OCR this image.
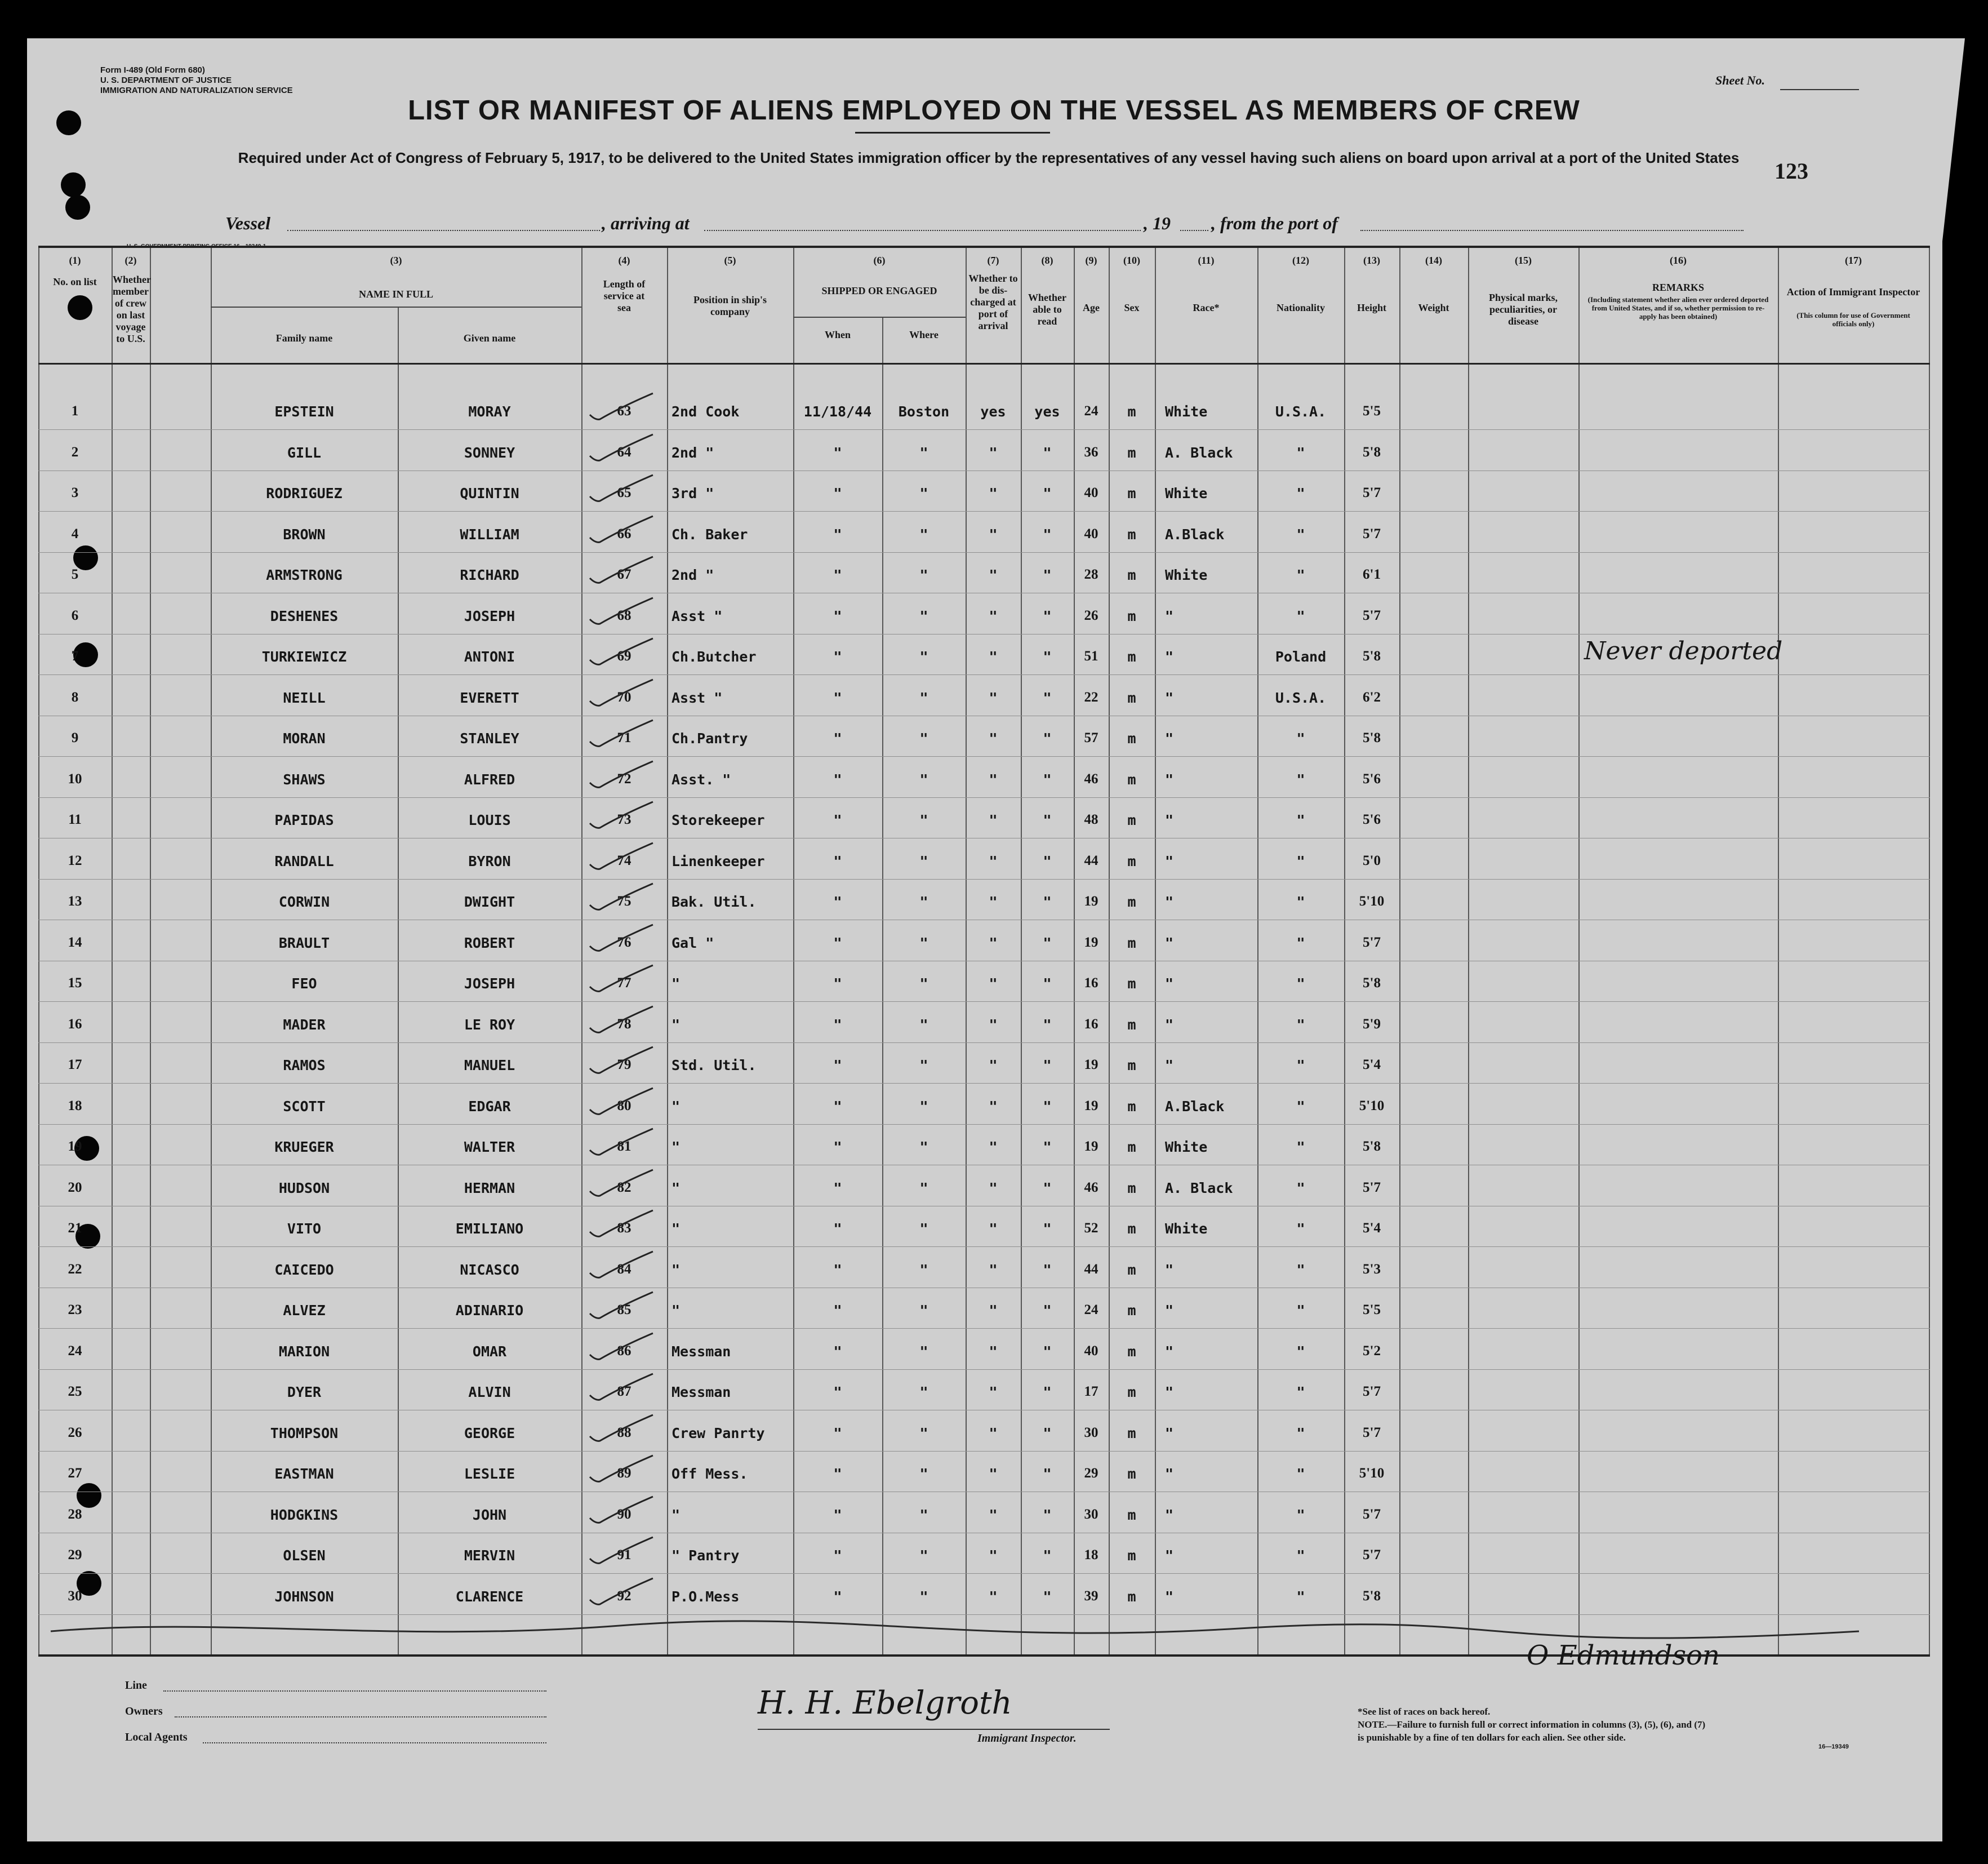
Form I-489 (Old Form 680)
U. S. DEPARTMENT OF JUSTICE
IMMIGRATION AND NATURALIZATION SERVICE
U. S. GOVERNMENT PRINTING OFFICE 16—19349-1
Sheet No.
LIST OR MANIFEST OF ALIENS EMPLOYED ON THE VESSEL AS MEMBERS OF CREW
Required under Act of Congress of February 5, 1917, to be delivered to the United States immigration officer by the representatives of any vessel having such aliens on board upon arrival at a port of the United States
123
Vessel	, arriving at	, 19 , from the port of
(1)	(2)	(3)	(4)	(5)	(6)	(7)	(8)	(9)	(10)	(11)	(12)	(13)	(14)	(15)	(16)	(17)
No. on list	Whether member of crew on last voyage to U.S.
NAME IN FULL
Family name	Given name
Length of service at sea
Position in ship's company
SHIPPED OR ENGAGED
When	Where
Whether to be dis-charged at port of arrival
Whether able to read
Age	Sex	Race*	Nationality	Height	Weight
Physical marks, peculiarities, or disease
REMARKS
(Including statement whether alien ever ordered deported from United States, and if so, whether permission to re-apply has been obtained)
Action of Immigrant Inspector
(This column for use of Government officials only)
1	EPSTEIN	MORAY	63	2nd Cook	11/18/44	Boston	yes	yes	24	m	White	U.S.A.	5'5
2	GILL	SONNEY	64	2nd "	"	"	"	"	36	m	A. Black	"	5'8
3	RODRIGUEZ	QUINTIN	65	3rd "	"	"	"	"	40	m	White	"	5'7
4	BROWN	WILLIAM	66	Ch. Baker	"	"	"	"	40	m	A.Black	"	5'7
5	ARMSTRONG	RICHARD	67	2nd "	"	"	"	"	28	m	White	"	6'1
6	DESHENES	JOSEPH	68	Asst "	"	"	"	"	26	m	"	"	5'7
7	TURKIEWICZ	ANTONI	69	Ch.Butcher	"	"	"	"	51	m	"	Poland	5'8
8	NEILL	EVERETT	70	Asst "	"	"	"	"	22	m	"	U.S.A.	6'2
9	MORAN	STANLEY	71	Ch.Pantry	"	"	"	"	57	m	"	"	5'8
10	SHAWS	ALFRED	72	Asst. "	"	"	"	"	46	m	"	"	5'6
11	PAPIDAS	LOUIS	73	Storekeeper	"	"	"	"	48	m	"	"	5'6
12	RANDALL	BYRON	74	Linenkeeper	"	"	"	"	44	m	"	"	5'0
13	CORWIN	DWIGHT	75	Bak. Util.	"	"	"	"	19	m	"	"	5'10
14	BRAULT	ROBERT	76	Gal "	"	"	"	"	19	m	"	"	5'7
15	FEO	JOSEPH	77	"	"	"	"	"	16	m	"	"	5'8
16	MADER	LE ROY	78	"	"	"	"	"	16	m	"	"	5'9
17	RAMOS	MANUEL	79	Std. Util.	"	"	"	"	19	m	"	"	5'4
18	SCOTT	EDGAR	80	"	"	"	"	"	19	m	A.Black	"	5'10
19	KRUEGER	WALTER	81	"	"	"	"	"	19	m	White	"	5'8
20	HUDSON	HERMAN	82	"	"	"	"	"	46	m	A. Black	"	5'7
21	VITO	EMILIANO	83	"	"	"	"	"	52	m	White	"	5'4
22	CAICEDO	NICASCO	84	"	"	"	"	"	44	m	"	"	5'3
23	ALVEZ	ADINARIO	85	"	"	"	"	"	24	m	"	"	5'5
24	MARION	OMAR	86	Messman	"	"	"	"	40	m	"	"	5'2
25	DYER	ALVIN	87	Messman	"	"	"	"	17	m	"	"	5'7
26	THOMPSON	GEORGE	88	Crew Panrty	"	"	"	"	30	m	"	"	5'7
27	EASTMAN	LESLIE	89	Off Mess.	"	"	"	"	29	m	"	"	5'10
28	HODGKINS	JOHN	90	"	"	"	"	"	30	m	"	"	5'7
29	OLSEN	MERVIN	91	" Pantry	"	"	"	"	18	m	"	"	5'7
30	JOHNSON	CLARENCE	92	P.O.Mess	"	"	"	"	39	m	"	"	5'8
Never deported
Line
Owners
Local Agents
H. H. Ebelgroth
Immigrant Inspector.
O Edmundson
*See list of races on back hereof.
NOTE.—Failure to furnish full or correct information in columns (3), (5), (6), and (7)
is punishable by a fine of ten dollars for each alien. See other side.
16—19349
